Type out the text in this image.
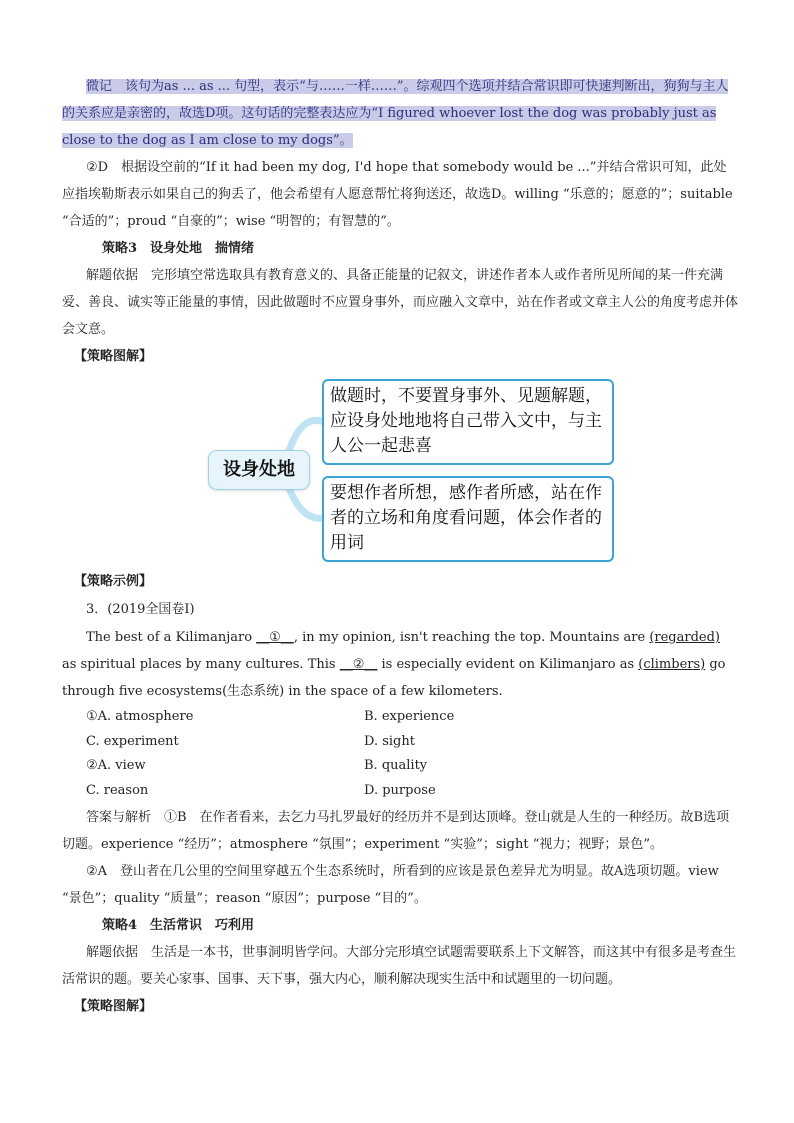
微记　该句为as ... as ... 句型，表示“与……一样……”。综观四个选项并结合常识即可快速判断出，狗狗与主人的关系应是亲密的，故选D项。这句话的完整表达应为“I figured whoever lost the dog was probably just as close to the dog as I am close to my dogs”。

②D　根据设空前的“If it had been my dog, I'd hope that somebody would be ...”并结合常识可知，此处应指埃勒斯表示如果自己的狗丢了，他会希望有人愿意帮忙将狗送还，故选D。willing “乐意的；愿意的”；suitable “合适的”；proud “自豪的”；wise “明智的；有智慧的”。

策略3　设身处地　揣情绪

解题依据　完形填空常选取具有教育意义的、具备正能量的记叙文，讲述作者本人或作者所见所闻的某一件充满爱、善良、诚实等正能量的事情，因此做题时不应置身事外，而应融入文章中，站在作者或文章主人公的角度考虑并体会文意。

【策略图解】

设身处地
做题时，不要置身事外、见题解题，应设身处地地将自己带入文中，与主人公一起悲喜
要想作者所想，感作者所感，站在作者的立场和角度看问题，体会作者的用词

【策略示例】

3．(2019全国卷Ⅰ)

The best of a Kilimanjaro __①__, in my opinion, isn't reaching the top. Mountains are (regarded) as spiritual places by many cultures. This __②__ is especially evident on Kilimanjaro as (climbers) go through five ecosystems(生态系统) in the space of a few kilometers.

①A. atmosphere	B. experience
C. experiment	D. sight
②A. view	B. quality
C. reason	D. purpose

答案与解析　①B　在作者看来，去乞力马扎罗最好的经历并不是到达顶峰。登山就是人生的一种经历。故B选项切题。experience “经历”；atmosphere “氛围”；experiment “实验”；sight “视力；视野；景色”。

②A　登山者在几公里的空间里穿越五个生态系统时，所看到的应该是景色差异尤为明显。故A选项切题。view “景色”；quality “质量”；reason “原因”；purpose “目的”。

策略4　生活常识　巧利用

解题依据　生活是一本书，世事洞明皆学问。大部分完形填空试题需要联系上下文解答，而这其中有很多是考查生活常识的题。要关心家事、国事、天下事，强大内心，顺利解决现实生活中和试题里的一切问题。

【策略图解】
